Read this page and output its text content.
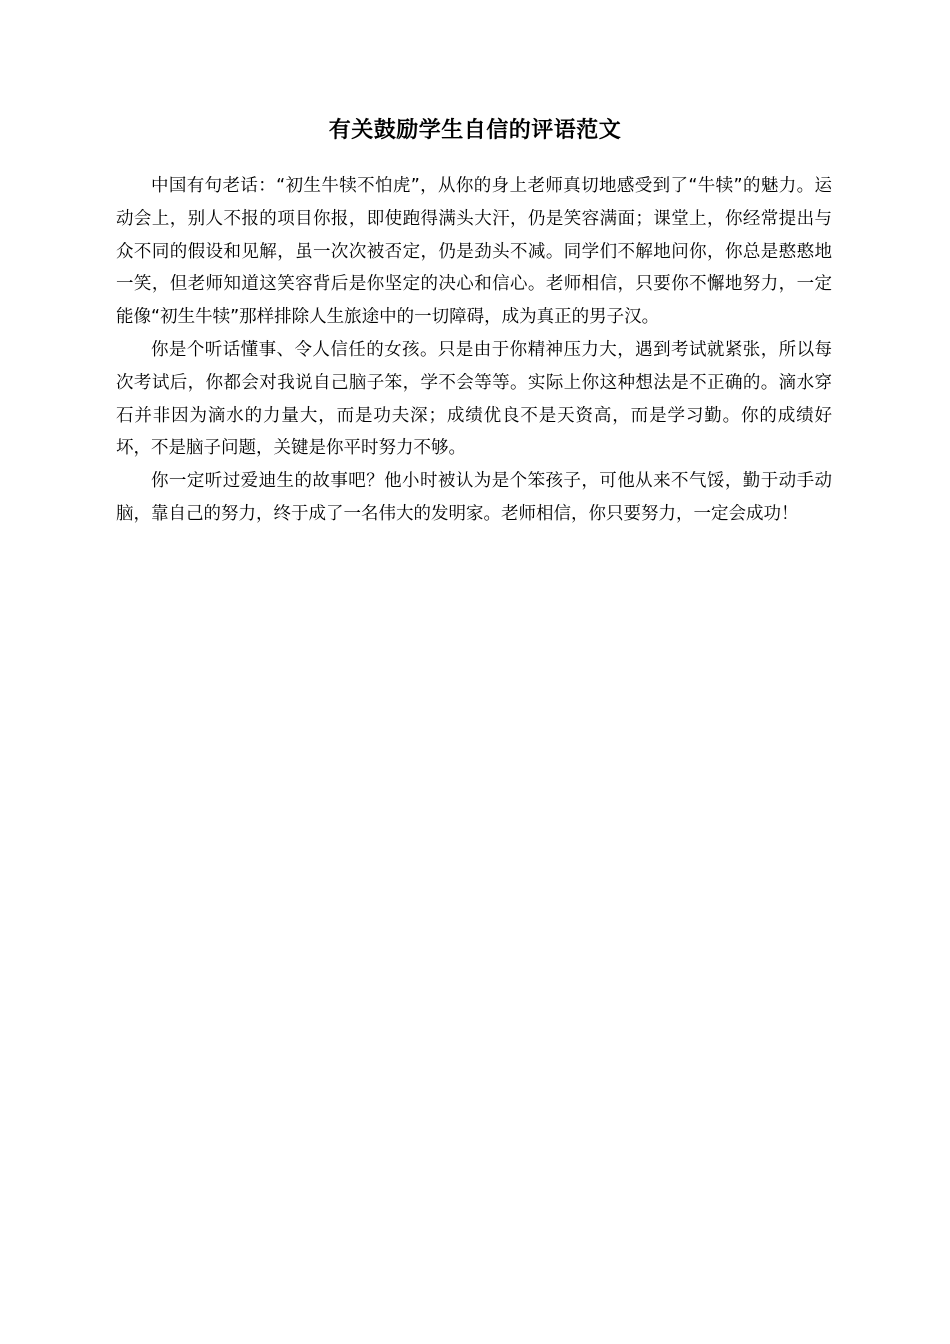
有关鼓励学生自信的评语范文

中国有句老话：“初生牛犊不怕虎”，从你的身上老师真切地感受到了“牛犊”的魅力。运动会上，别人不报的项目你报，即使跑得满头大汗，仍是笑容满面；课堂上，你经常提出与众不同的假设和见解，虽一次次被否定，仍是劲头不减。同学们不解地问你，你总是憨憨地一笑，但老师知道这笑容背后是你坚定的决心和信心。老师相信，只要你不懈地努力，一定能像“初生牛犊”那样排除人生旅途中的一切障碍，成为真正的男子汉。

你是个听话懂事、令人信任的女孩。只是由于你精神压力大，遇到考试就紧张，所以每次考试后，你都会对我说自己脑子笨，学不会等等。实际上你这种想法是不正确的。滴水穿石并非因为滴水的力量大，而是功夫深；成绩优良不是天资高，而是学习勤。你的成绩好坏，不是脑子问题，关键是你平时努力不够。

你一定听过爱迪生的故事吧？他小时被认为是个笨孩子，可他从来不气馁，勤于动手动脑，靠自己的努力，终于成了一名伟大的发明家。老师相信，你只要努力，一定会成功！
